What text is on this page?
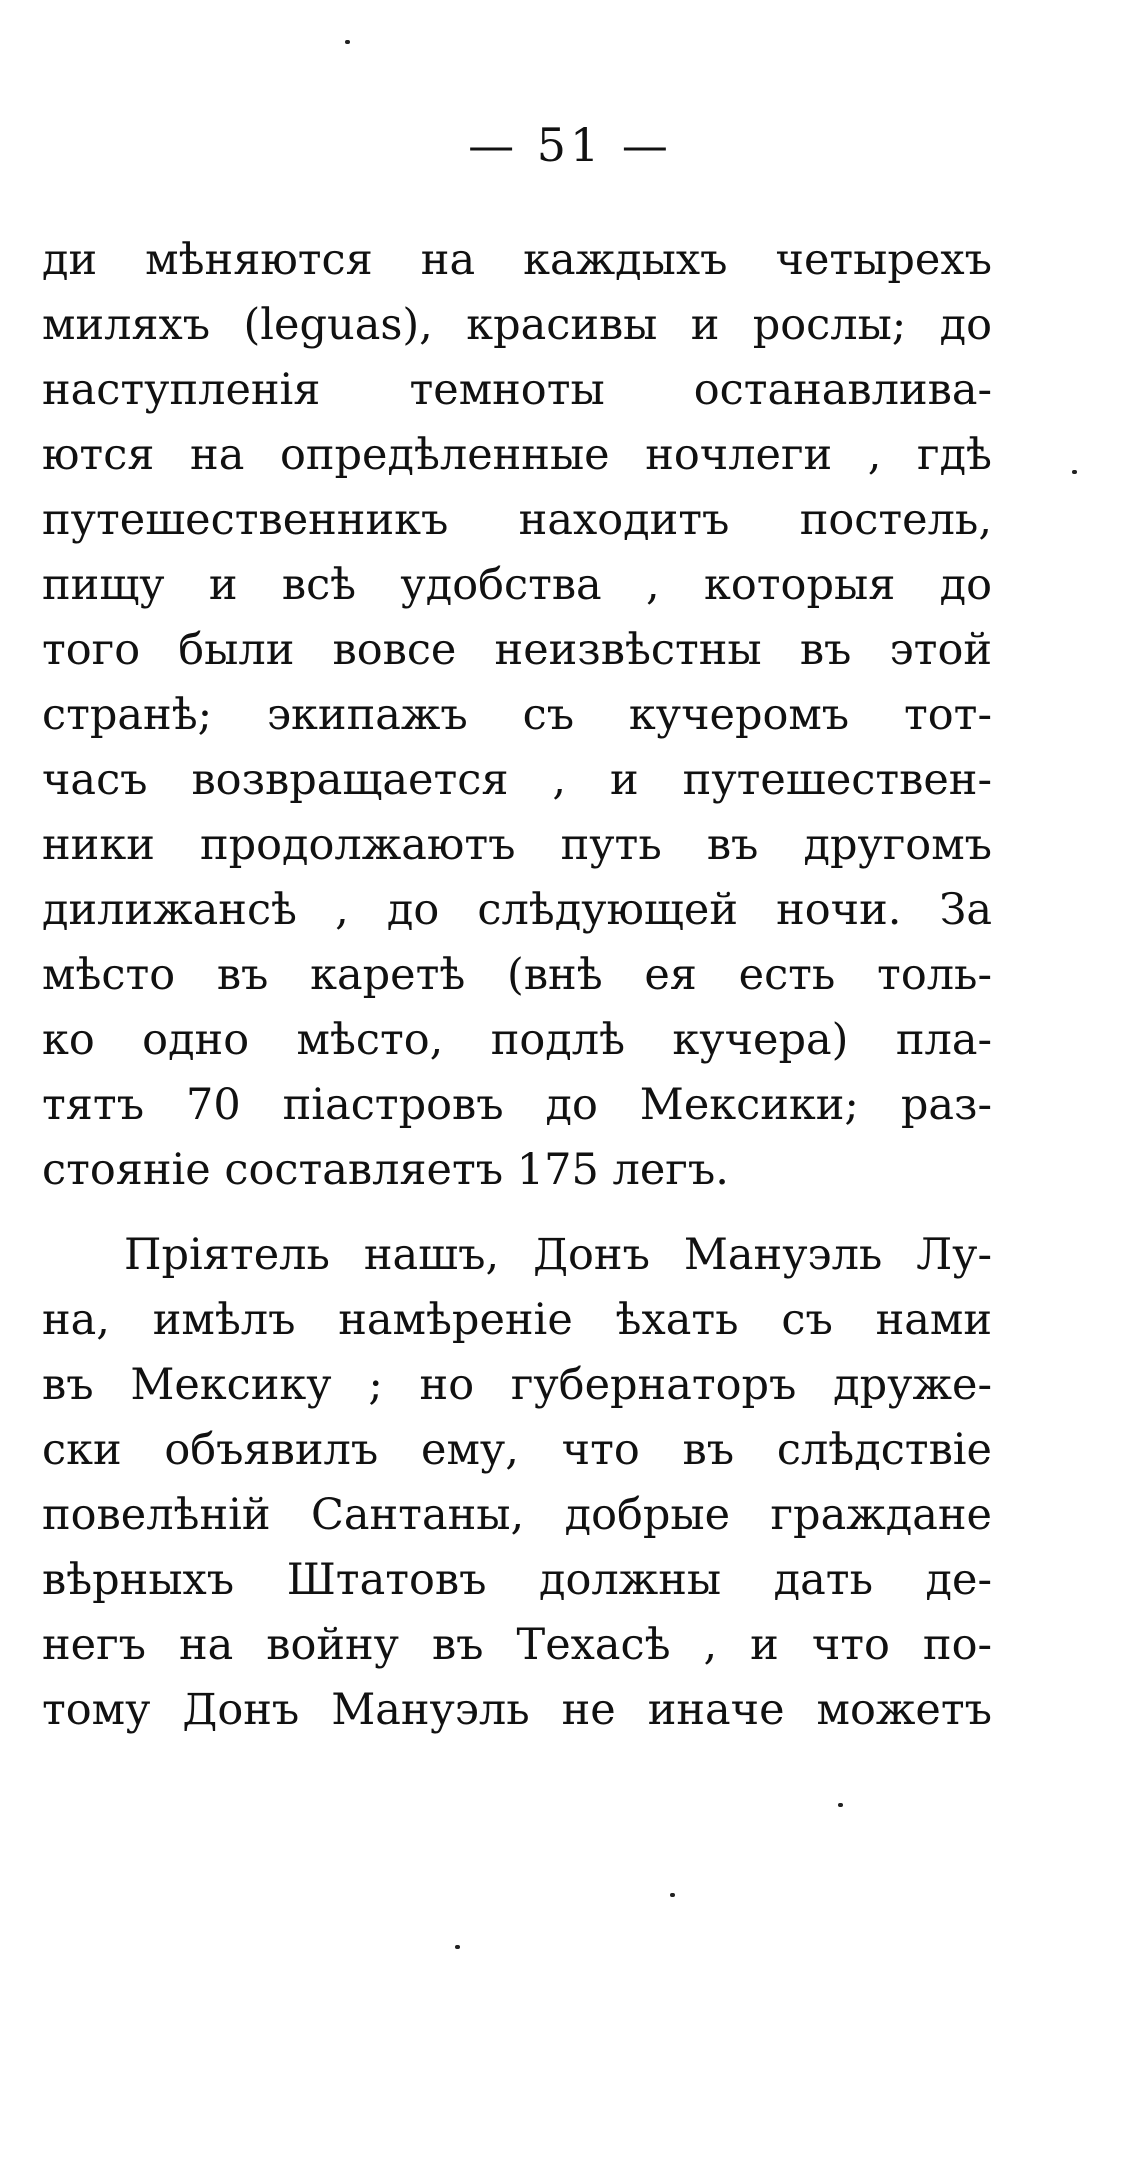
— 51 —
ди мѣняются на каждыхъ четырехъ
миляхъ (leguas), красивы и рослы; до
наступленія темноты останавлива-
ются на опредѣленные ночлеги , гдѣ
путешественникъ находитъ постель,
пищу и всѣ удобства , которыя до
того были вовсе неизвѣстны въ этой
странѣ; экипажъ съ кучеромъ тот-
часъ возвращается , и путешествен-
ники продолжаютъ путь въ другомъ
дилижансѣ , до слѣдующей ночи. За
мѣсто въ каретѣ (внѣ ея есть толь-
ко одно мѣсто, подлѣ кучера) пла-
тятъ 70 піастровъ до Мексики; раз-
стояніе составляетъ 175 легъ.
Пріятель нашъ, Донъ Мануэль Лу-
на, имѣлъ намѣреніе ѣхать съ нами
въ Мексику ; но губернаторъ друже-
ски объявилъ ему, что въ слѣдствіе
повелѣній Сантаны, добрые граждане
вѣрныхъ Штатовъ должны дать де-
негъ на войну въ Техасѣ , и что по-
тому Донъ Мануэль не иначе можетъ
